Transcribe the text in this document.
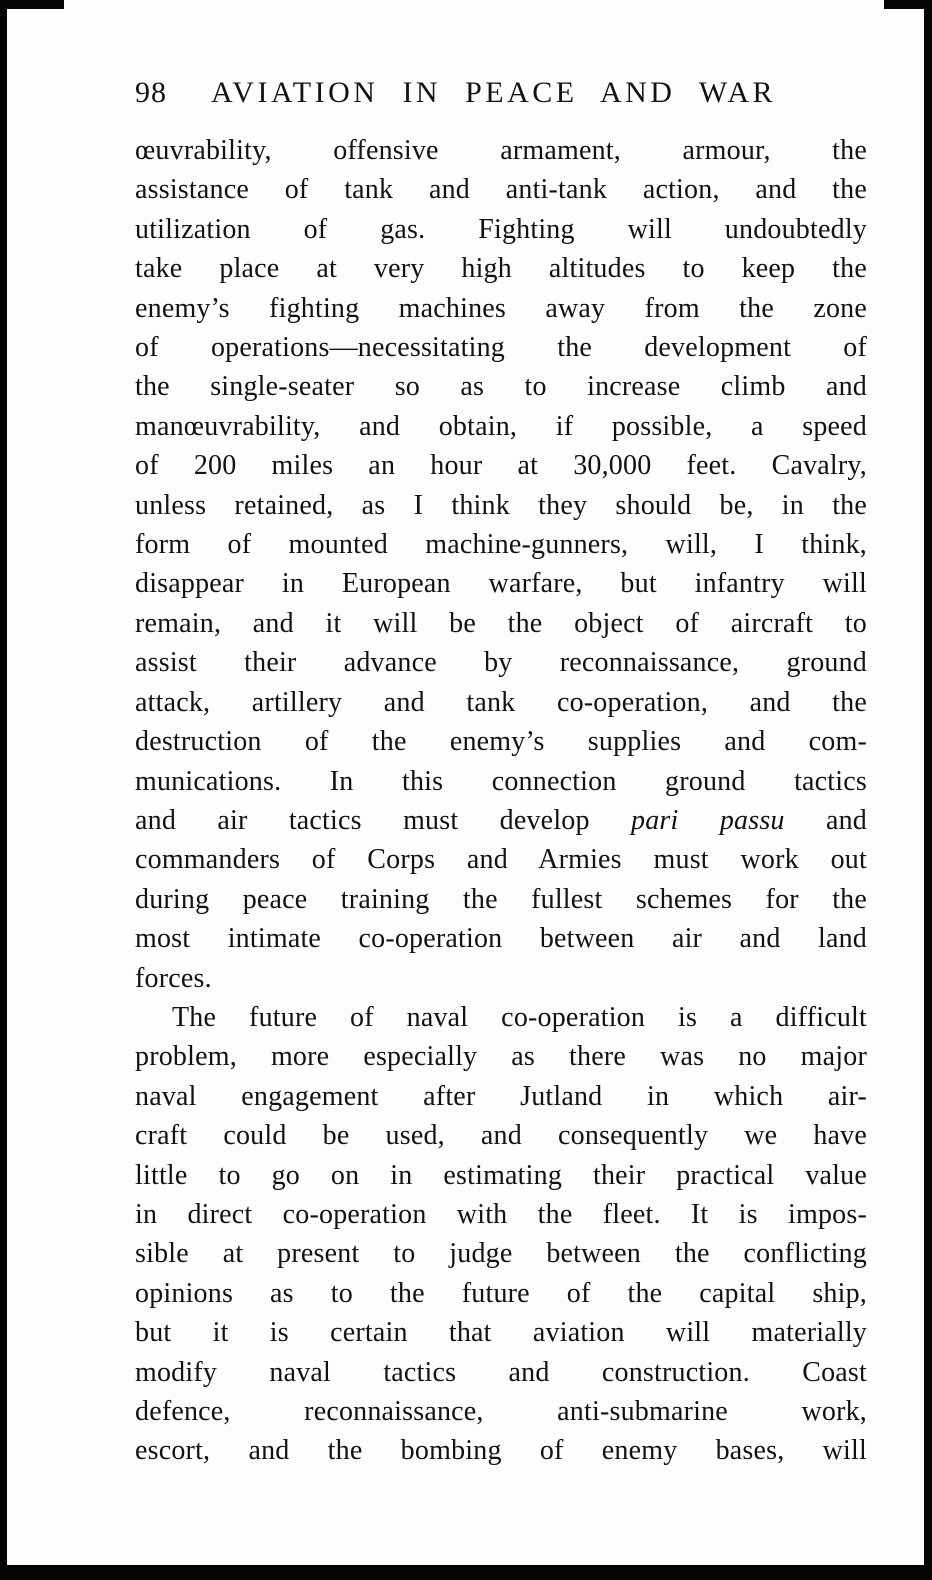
98 AVIATION IN PEACE AND WAR
œuvrability, offensive armament, armour, the
assistance of tank and anti-tank action, and the
utilization of gas. Fighting will undoubtedly
take place at very high altitudes to keep the
enemy’s fighting machines away from the zone
of operations—necessitating the development of
the single-seater so as to increase climb and
manœuvrability, and obtain, if possible, a speed
of 200 miles an hour at 30,000 feet. Cavalry,
unless retained, as I think they should be, in the
form of mounted machine-gunners, will, I think,
disappear in European warfare, but infantry will
remain, and it will be the object of aircraft to
assist their advance by reconnaissance, ground
attack, artillery and tank co-operation, and the
destruction of the enemy’s supplies and com-
munications. In this connection ground tactics
and air tactics must develop pari passu and
commanders of Corps and Armies must work out
during peace training the fullest schemes for the
most intimate co-operation between air and land
forces.
The future of naval co-operation is a difficult
problem, more especially as there was no major
naval engagement after Jutland in which air-
craft could be used, and consequently we have
little to go on in estimating their practical value
in direct co-operation with the fleet. It is impos-
sible at present to judge between the conflicting
opinions as to the future of the capital ship,
but it is certain that aviation will materially
modify naval tactics and construction. Coast
defence, reconnaissance, anti-submarine work,
escort, and the bombing of enemy bases, will
